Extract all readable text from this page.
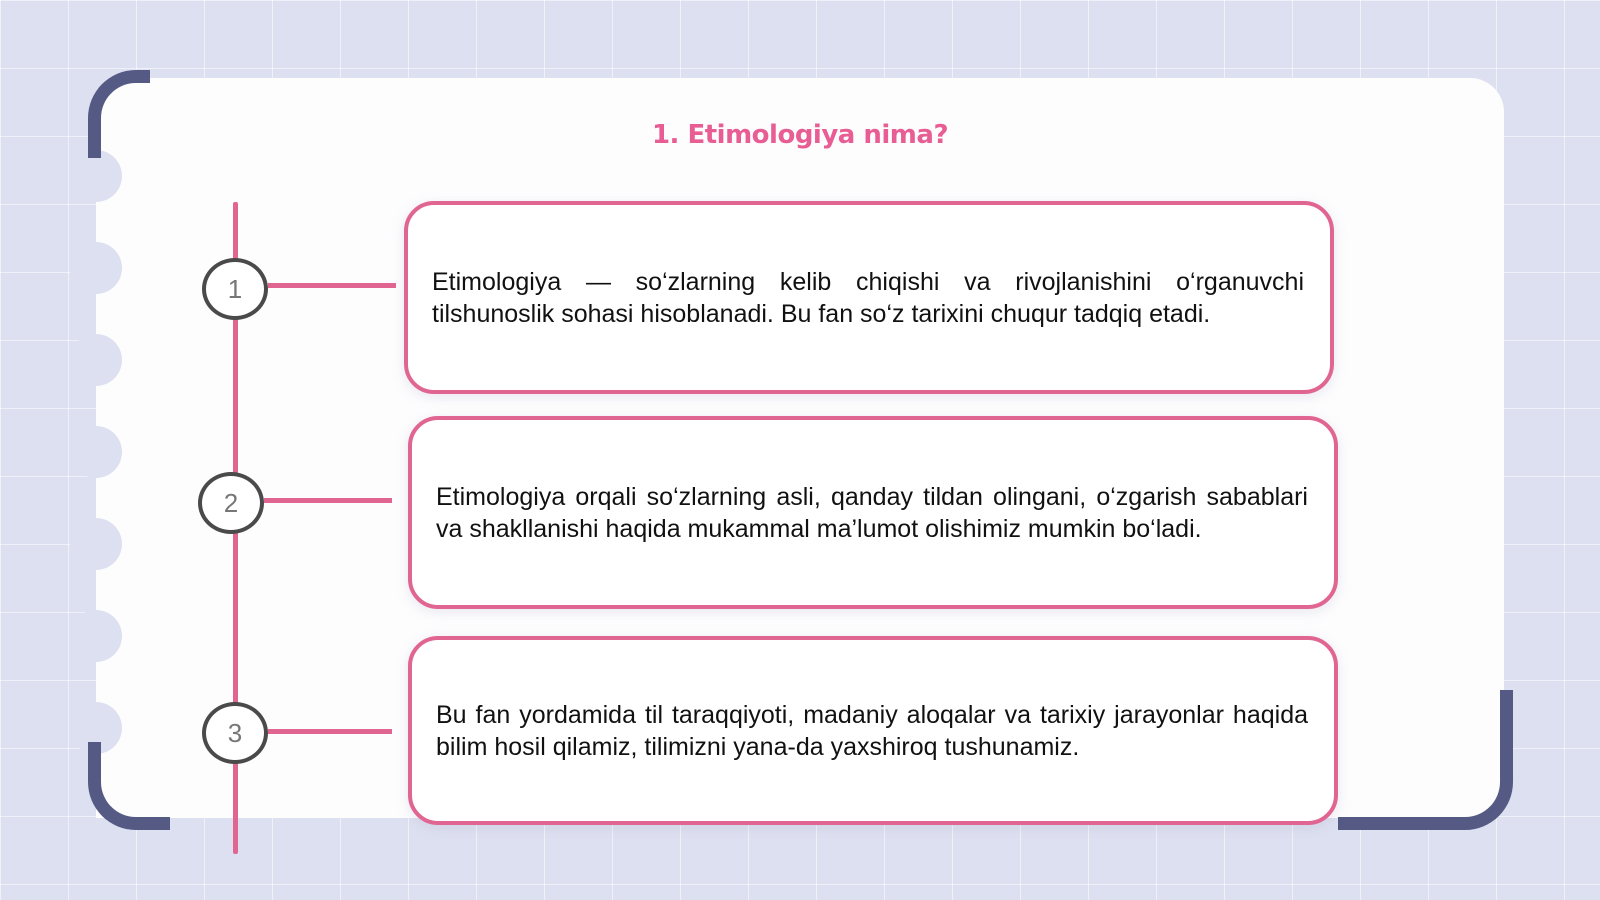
1. Etimologiya nima?
1	Etimologiya — so‘zlarning kelib chiqishi va rivojlanishini o‘rganuvchi tilshunoslik sohasi hisoblanadi. Bu fan so‘z tarixini chuqur tadqiq etadi.
2	Etimologiya orqali so‘zlarning asli, qanday tildan olingani, o‘zgarish sabablari va shakllanishi haqida mukammal ma’lumot olishimiz mumkin bo‘ladi.
3
Bu fan yordamida til taraqqiyoti, madaniy aloqalar va tarixiy jarayonlar haqida bilim hosil qilamiz, tilimizni yana-da yaxshiroq tushunamiz.
